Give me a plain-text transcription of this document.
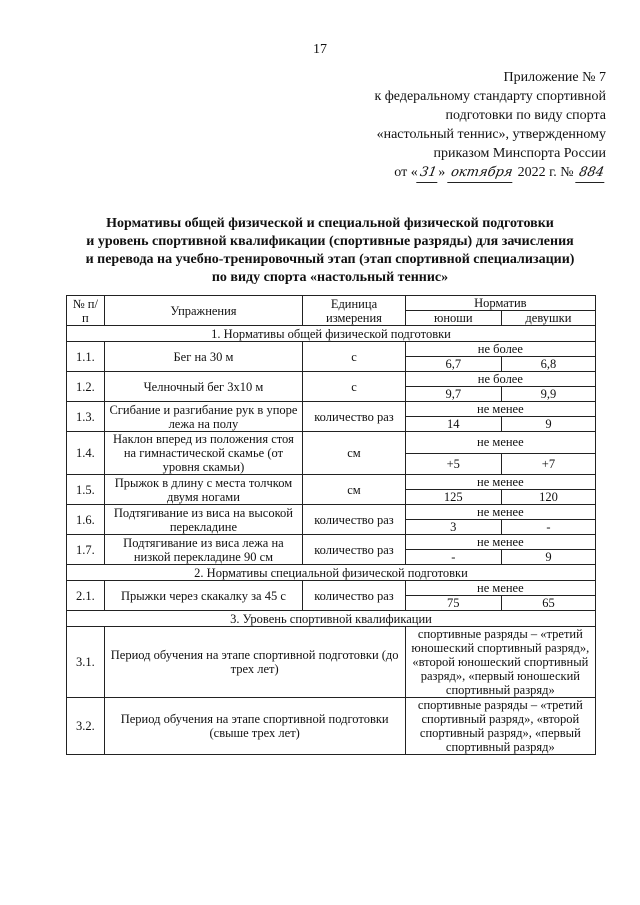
17
Приложение № 7
к федеральному стандарту спортивной
подготовки по виду спорта
«настольный теннис», утвержденному
приказом Минспорта России
от «31» октября 2022 г. № 884
Нормативы общей физической и специальной физической подготовки
и уровень спортивной квалификации (спортивные разряды) для зачисления
и перевода на учебно-тренировочный этап (этап спортивной специализации)
по виду спорта «настольный теннис»
№ п/п	Упражнения	Единица измерения	Норматив	
			юноши	девушки
1. Нормативы общей физической подготовки				
1.1.	Бег на 30 м	с	не более	
			6,7	6,8
1.2.	Челночный бег 3х10 м	с	не более	
			9,7	9,9
1.3.	Сгибание и разгибание рук в упоре лежа на полу	количество раз	не менее	
			14	9
1.4.	Наклон вперед из положения стоя на гимнастической скамье (от уровня скамьи)	см	не менее	
			+5	+7
1.5.	Прыжок в длину с места толчком двумя ногами	см	не менее	
			125	120
1.6.	Подтягивание из виса на высокой перекладине	количество раз	не менее	
			3	-
1.7.	Подтягивание из виса лежа на низкой перекладине 90 см	количество раз	не менее	
			-	9
2. Нормативы специальной физической подготовки				
2.1.	Прыжки через скакалку за 45 с	количество раз	не менее	
			75	65
3. Уровень спортивной квалификации				
3.1.	Период обучения на этапе спортивной подготовки (до трех лет)		спортивные разряды – «третий юношеский спортивный разряд», «второй юношеский спортивный разряд», «первый юношеский спортивный разряд»	
3.2.	Период обучения на этапе спортивной подготовки (свыше трех лет)		спортивные разряды – «третий спортивный разряд», «второй спортивный разряд», «первый спортивный разряд»	
